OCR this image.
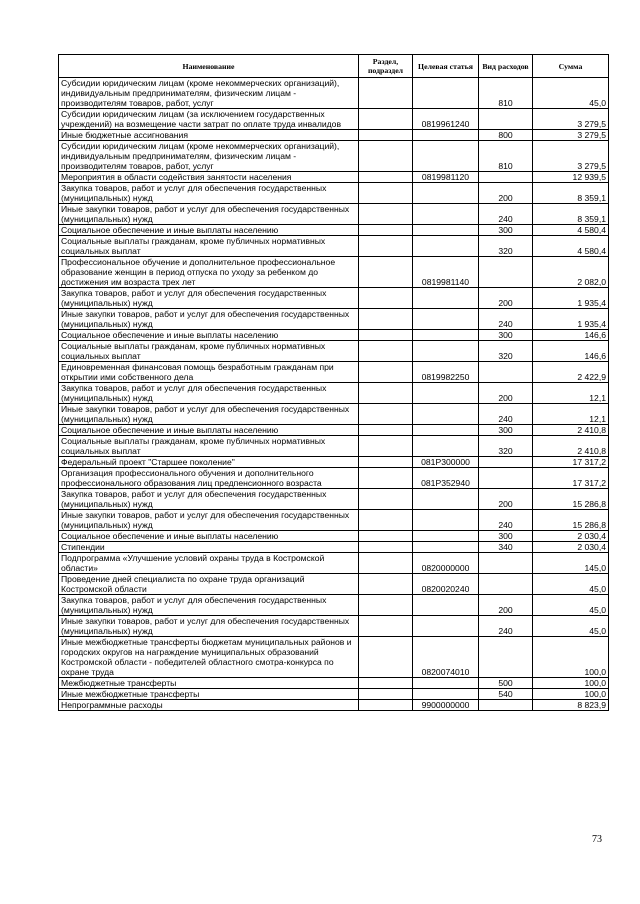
Наименование	Раздел, подраздел	Целевая статья	Вид расходов	Сумма
Субсидии юридическим лицам (кроме некоммерческих организаций), индивидуальным предпринимателям, физическим лицам - производителям товаров, работ, услуг			810	45,0
Субсидии юридическим лицам (за исключением государственных учреждений) на возмещение части затрат по оплате труда инвалидов		0819961240		3 279,5
Иные бюджетные ассигнования			800	3 279,5
Субсидии юридическим лицам (кроме некоммерческих организаций), индивидуальным предпринимателям, физическим лицам - производителям товаров, работ, услуг			810	3 279,5
Мероприятия в области содействия занятости населения		0819981120		12 939,5
Закупка товаров, работ и услуг для обеспечения государственных (муниципальных) нужд			200	8 359,1
Иные закупки товаров, работ и услуг для обеспечения государственных (муниципальных) нужд			240	8 359,1
Социальное обеспечение и иные выплаты населению			300	4 580,4
Социальные выплаты гражданам, кроме публичных нормативных социальных выплат			320	4 580,4
Профессиональное обучение и дополнительное профессиональное образование женщин в период отпуска по уходу за ребенком до достижения им возраста трех лет		0819981140		2 082,0
Закупка товаров, работ и услуг для обеспечения государственных (муниципальных) нужд			200	1 935,4
Иные закупки товаров, работ и услуг для обеспечения государственных (муниципальных) нужд			240	1 935,4
Социальное обеспечение и иные выплаты населению			300	146,6
Социальные выплаты гражданам, кроме публичных нормативных социальных выплат			320	146,6
Единовременная финансовая помощь безработным гражданам при открытии ими собственного дела		0819982250		2 422,9
Закупка товаров, работ и услуг для обеспечения государственных (муниципальных) нужд			200	12,1
Иные закупки товаров, работ и услуг для обеспечения государственных (муниципальных) нужд			240	12,1
Социальное обеспечение и иные выплаты населению			300	2 410,8
Социальные выплаты гражданам, кроме публичных нормативных социальных выплат			320	2 410,8
Федеральный проект "Старшее поколение"		081P300000		17 317,2
Организация профессионального обучения и дополнительного профессионального образования лиц предпенсионного возраста		081P352940		17 317,2
Закупка товаров, работ и услуг для обеспечения государственных (муниципальных) нужд			200	15 286,8
Иные закупки товаров, работ и услуг для обеспечения государственных (муниципальных) нужд			240	15 286,8
Социальное обеспечение и иные выплаты населению			300	2 030,4
Стипендии			340	2 030,4
Подпрограмма «Улучшение условий охраны труда в Костромской области»		0820000000		145,0
Проведение дней специалиста по охране труда организаций Костромской области		0820020240		45,0
Закупка товаров, работ и услуг для обеспечения государственных (муниципальных) нужд			200	45,0
Иные закупки товаров, работ и услуг для обеспечения государственных (муниципальных) нужд			240	45,0
Иные межбюджетные трансферты бюджетам муниципальных районов и городских округов на награждение муниципальных образований Костромской области - победителей областного смотра-конкурса по охране труда		0820074010		100,0
Межбюджетные трансферты			500	100,0
Иные межбюджетные трансферты			540	100,0
Непрограммные расходы		9900000000		8 823,9
73
